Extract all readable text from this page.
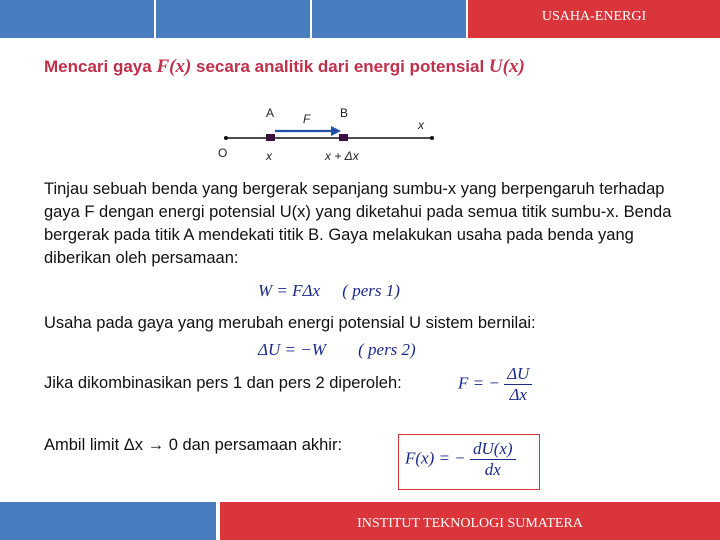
USAHA-ENERGI
Mencari gaya F(x) secara analitik dari energi potensial U(x)
A	B
F	x
O	x	x + Δx
Tinjau sebuah benda yang bergerak sepanjang sumbu-x yang berpengaruh terhadap gaya F dengan energi potensial U(x) yang diketahui pada semua titik sumbu-x. Benda bergerak pada titik A mendekati titik B. Gaya melakukan usaha pada benda yang diberikan oleh persamaan:
W = FΔx ( pers 1)
Usaha pada gaya yang merubah energi potensial U sistem bernilai:
ΔU = −W ( pers 2)
Jika dikombinasikan pers 1 dan pers 2 diperoleh:	F = − $\frac{\Delta U}{\Delta x}$
Ambil limit Δx → 0 dan persamaan akhir:
F(x) = − $\frac{dU(x)}{dx}$
INSTITUT TEKNOLOGI SUMATERA
